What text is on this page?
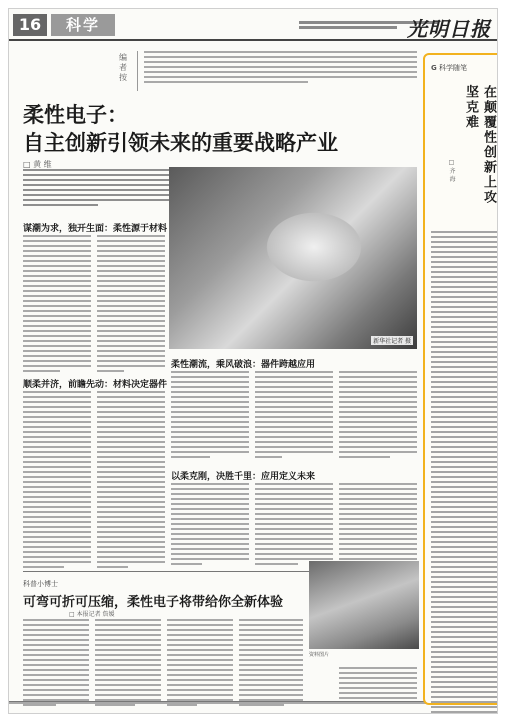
16	科学	光明日报
编者按
柔性电子：
自主创新引领未来的重要战略产业
□ 黄 维
新华社记者 摄
谋潮为求，独开生面：柔性源于材料
顺柔并济，前瞻先动：材料决定器件
柔性潮流，乘风破浪：器件跨越应用
以柔克刚，决胜千里：应用定义未来
科普小博士
可弯可折可压缩，柔性电子将带给你全新体验
□ 本报记者 詹媛
资料图片
G 科学随笔
在颠覆性创新上攻坚克难
□ 齐 海
